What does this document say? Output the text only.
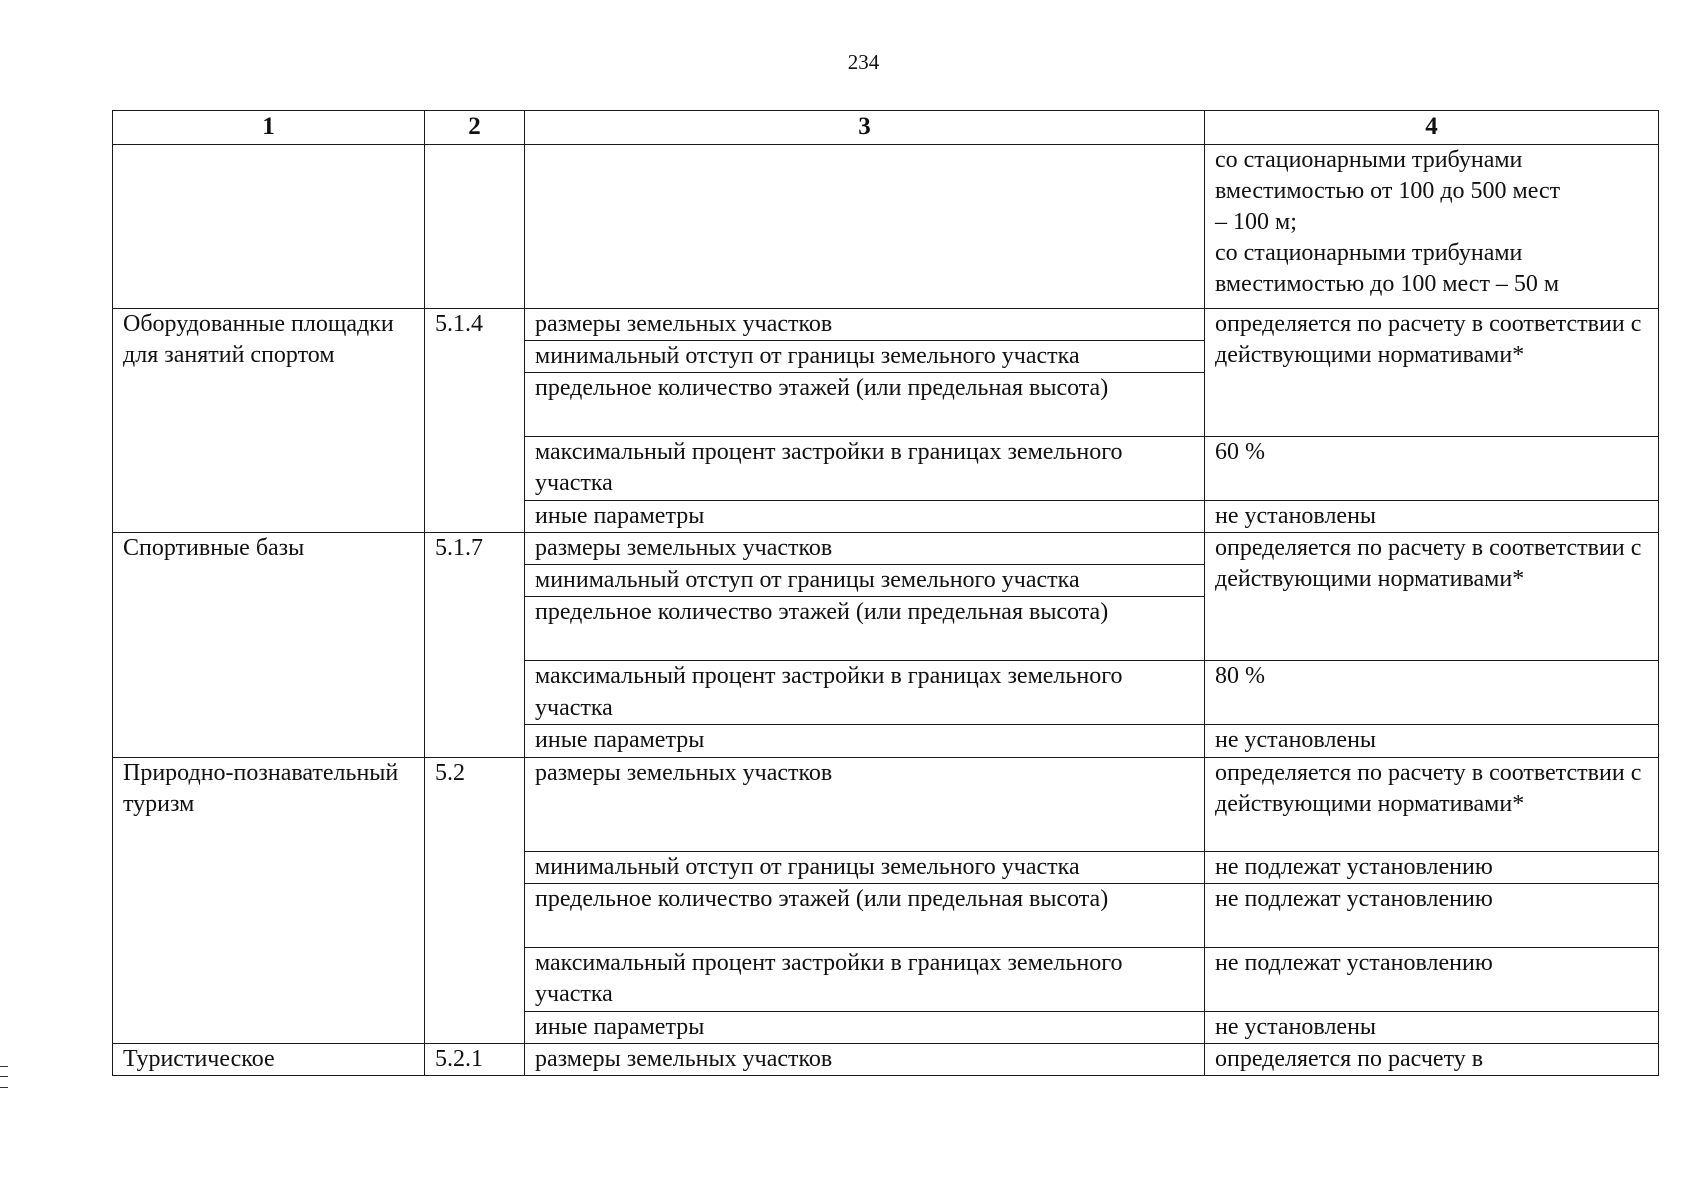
234
1	2	3	4

			со стационарными трибунами
вместимостью от 100 до 500 мест
– 100 м;
со стационарными трибунами
вместимостью до 100 мест – 50 м

Оборудованные площадки для занятий спортом	5.1.4	размеры земельных участков	определяется по расчету в соответствии с действующими нормативами*
		минимальный отступ от границы земельного участка	
		предельное количество этажей (или предельная высота)	
		максимальный процент застройки в границах земельного участка	60 %
		иные параметры	не установлены
Спортивные базы	5.1.7	размеры земельных участков	определяется по расчету в соответствии с действующими нормативами*
		минимальный отступ от границы земельного участка	
		предельное количество этажей (или предельная высота)	
		максимальный процент застройки в границах земельного участка	80 %
		иные параметры	не установлены
Природно-познавательный туризм	5.2	размеры земельных участков	определяется по расчету в соответствии с действующими нормативами*
		минимальный отступ от границы земельного участка	не подлежат установлению
		предельное количество этажей (или предельная высота)	не подлежат установлению
		максимальный процент застройки в границах земельного участка	не подлежат установлению
		иные параметры	не установлены
Туристическое	5.2.1	размеры земельных участков	определяется по расчету в
